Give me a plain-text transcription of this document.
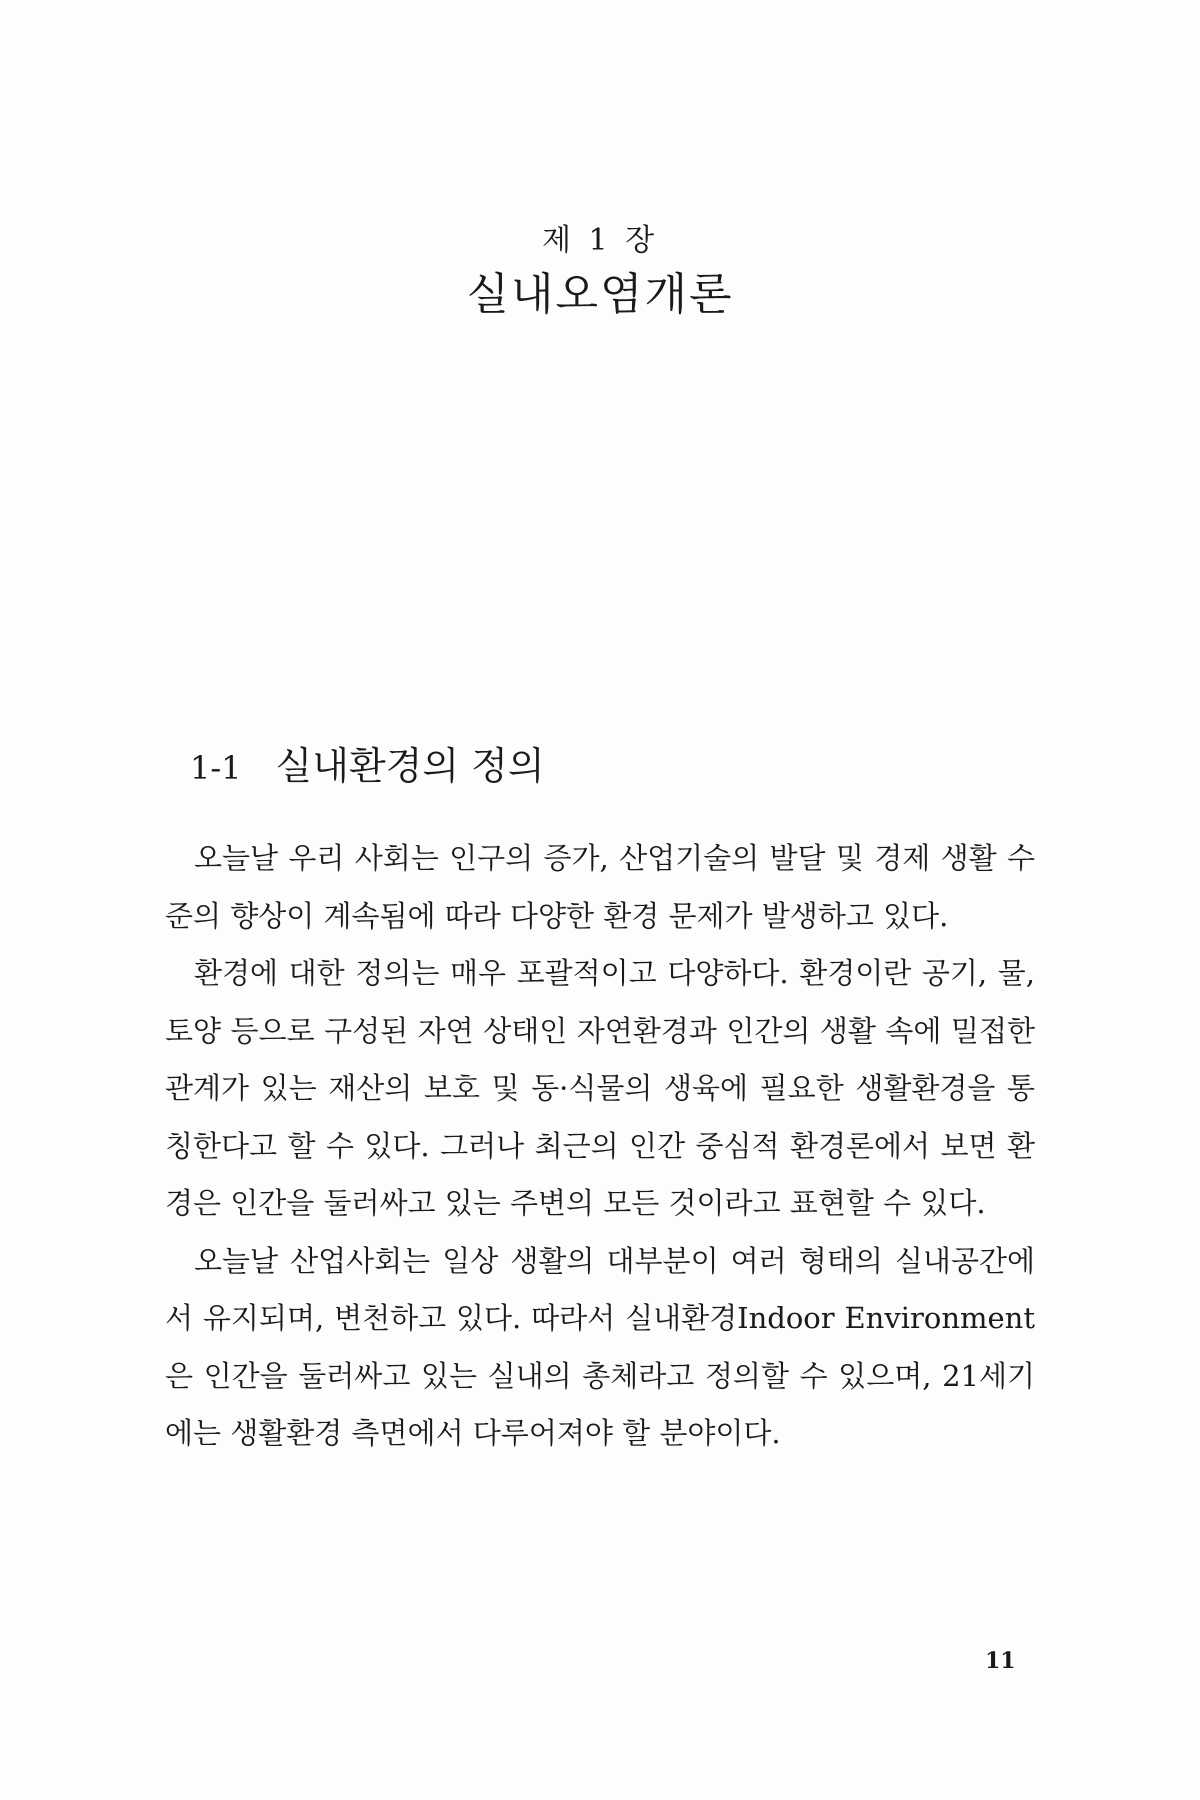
제 1 장
실내오염개론
1-1 실내환경의 정의

오늘날 우리 사회는 인구의 증가, 산업기술의 발달 및 경제 생활 수준의 향상이 계속됨에 따라 다양한 환경 문제가 발생하고 있다.

환경에 대한 정의는 매우 포괄적이고 다양하다. 환경이란 공기, 물, 토양 등으로 구성된 자연 상태인 자연환경과 인간의 생활 속에 밀접한 관계가 있는 재산의 보호 및 동·식물의 생육에 필요한 생활환경을 통칭한다고 할 수 있다. 그러나 최근의 인간 중심적 환경론에서 보면 환경은 인간을 둘러싸고 있는 주변의 모든 것이라고 표현할 수 있다.

오늘날 산업사회는 일상 생활의 대부분이 여러 형태의 실내공간에서 유지되며, 변천하고 있다. 따라서 실내환경Indoor Environment은 인간을 둘러싸고 있는 실내의 총체라고 정의할 수 있으며, 21세기에는 생활환경 측면에서 다루어져야 할 분야이다.

11
